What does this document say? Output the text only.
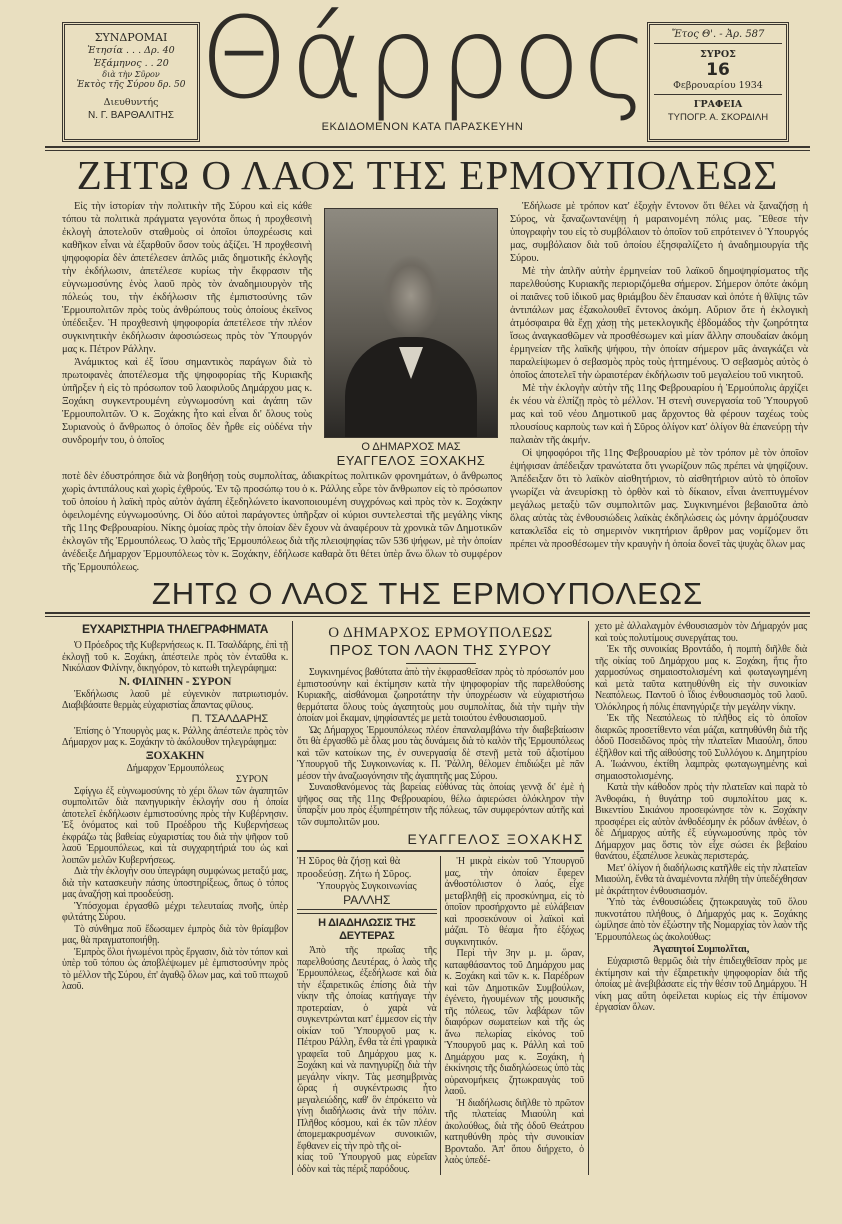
ΣΥΝΔΡΟΜΑΙ
Ἐτησία . . . Δρ. 40
Ἑξάμηνος . . 20
διὰ τὴν Σῦρον
Ἐκτὸς τῆς Σύρου δρ. 50
Διευθυντής
Ν. Γ. ΒΑΡΘΑΛΙΤΗΣ Θάρρος
ΕΚΔΙΔΟΜΕΝΟΝ ΚΑΤΑ ΠΑΡΑΣΚΕΥΗΝ
Ἔτος Θ'. - Ἀρ. 587
ΣΥΡΟΣ
16
Φεβρουαρίου 1934
ΓΡΑΦΕΙΑ
ΤΥΠΟΓΡ. Α. ΣΚΟΡΔΙΛΗ
ΖΗΤΩ Ο ΛΑΟΣ ΤΗΣ ΕΡΜΟΥΠΟΛΕΩΣ

Εἰς τὴν ἱστορίαν τὴν πολιτικὴν τῆς Σύρου καὶ εἰς κάθε τόπου τὰ πολιτικὰ πράγματα γεγονότα ὅπως ἡ προχθεσινὴ ἐκλογὴ ἀποτελοῦν σταθμοὺς οἱ ὁποῖοι ὑποχρέωσις καὶ καθῆκον εἶναι νὰ ἐξαρθοῦν ὅσον τοὺς ἀξίζει. Ἡ προχθεσινὴ ψηφοφορία δὲν ἀπετέλεσεν ἁπλῶς μιᾶς δημοτικῆς ἐκλογῆς τὴν ἐκδήλωσιν, ἀπετέλεσε κυρίως τὴν ἔκφρασιν τῆς εὐγνωμοσύνης ἑνὸς λαοῦ πρὸς τὸν ἀναδημιουργὸν τῆς πόλεώς του, τὴν ἐκδήλωσιν τῆς ἐμπιστοσύνης τῶν Ἑρμουπολιτῶν πρὸς τοὺς ἀνθρώπους τοὺς ὁποίους ἐκεῖνος ὑπέδειξεν. Ἡ προχθεσινὴ ψηφοφορία ἀπετέλεσε τὴν πλέον συγκινητικὴν ἐκδήλωσιν ἀφοσιώσεως πρὸς τὸν Ὑπουργόν μας κ. Πέτρον Ράλλην.

Ἀνάμικτος καὶ ἐξ ἴσου σημαντικὸς παράγων διὰ τὸ πρωτοφανὲς ἀποτέλεσμα τῆς ψηφοφορίας τῆς Κυριακῆς ὑπῆρξεν ἡ εἰς τὸ πρόσωπον τοῦ λαοφιλοῦς Δημάρχου μας κ. Ξοχάκη συγκεντρουμένη εὐγνωμοσύνη καὶ ἀγάπη τῶν Ἑρμουπολιτῶν. Ὁ κ. Ξοχάκης ἦτο καὶ εἶναι δι' ὅλους τοὺς Συριανοὺς ὁ ἄνθρωπος ὁ ὁποῖος δὲν ἦρθε εἰς οὐδένα τὴν συνδρομήν του, ὁ ὁποῖος

Ο ΔΗΜΑΡΧΟΣ ΜΑΣ
ΕΥΑΓΓΕΛΟΣ ΞΟΧΑΚΗΣ

ποτὲ δὲν ἐδυστρόπησε διὰ νὰ βοηθήσῃ τοὺς συμπολίτας, ἀδιακρίτως πολιτικῶν φρονημάτων, ὁ ἄνθρωπος χωρὶς ἀντιπάλους καὶ χωρὶς ἐχθρούς. Ἐν τῷ προσώπῳ του ὁ κ. Ράλλης εὗρε τὸν ἄνθρωπον εἰς τὸ πρόσωπον τοῦ ὁποίου ἡ λαϊκὴ πρὸς αὐτὸν ἀγάπη ἐξεδηλώνετο ἱκανοποιουμένη συγχρόνως καὶ πρὸς τὸν κ. Ξοχάκην ὀφειλομένης εὐγνωμοσύνης. Οἱ δύο αὐτοὶ παράγοντες ὑπῆρξαν οἱ κύριοι συντελεσταὶ τῆς μεγάλης νίκης τῆς 11ης Φεβρουαρίου. Νίκης ὁμοίας πρὸς τὴν ὁποίαν δὲν ἔχουν νὰ ἀναφέρουν τὰ χρονικὰ τῶν Δημοτικῶν ἐκλογῶν τῆς Ἑρμουπόλεως. Ὁ λαὸς τῆς Ἑρμουπόλεως διὰ τῆς πλειοψηφίας τῶν 536 ψήφων, μὲ τὴν ὁποίαν ἀνέδειξε Δήμαρχον Ἑρμουπόλεως τὸν κ. Ξοχάκην, ἐδήλωσε καθαρὰ ὅτι θέτει ὑπὲρ ἄνω ὅλων τὸ συμφέρον τῆς Ἑρμουπόλεως.

Ἐδήλωσε μὲ τρόπον κατ' ἐξοχὴν ἔντονον ὅτι θέλει νὰ ξαναζήσῃ ἡ Σύρος, νὰ ξαναζωντανέψῃ ἡ μαραινομένη πόλις μας. Ἔθεσε τὴν ὑπογραφὴν του εἰς τὸ συμβόλαιον τὸ ὁποῖον τοῦ επρότεινεν ὁ Ὑπουργός μας, συμβόλαιον διὰ τοῦ ὁποίου ἐξησφαλίζετο ἡ ἀναδημιουργία τῆς Σύρου.

Μὲ τὴν ἁπλῆν αὐτὴν ἑρμηνείαν τοῦ λαϊκοῦ δημοψηφίσματος τῆς παρελθούσης Κυριακῆς περιοριζόμεθα σήμερον. Σήμερον ὁπότε ἀκόμη οἱ παιᾶνες τοῦ ἰδικοῦ μας θριάμβου δὲν ἔπαυσαν καὶ ὁπότε ἡ θλῖψις τῶν ἀντιπάλων μας ἐξακολουθεῖ ἔντονος ἀκόμη. Αὔριον ὅτε ἡ ἐκλογικὴ ἀτμόσφαιρα θὰ ἔχῃ χάσῃ τὴς μετεκλογικῆς ἑβδομάδος τὴν ζωηρότητα ἴσως ἀναγκασθῶμεν νὰ προσθέσωμεν καὶ μίαν ἄλλην σπουδαίαν ἀκόμη ἑρμηνείαν τῆς λαϊκῆς ψήφου, τὴν ὁποίαν σήμερον μᾶς ἀναγκάζει νὰ παραλείψωμεν ὁ σεβασμὸς πρὸς τοὺς ἡττημένους. Ὁ σεβασμὸς αὐτὸς ὁ ὁποῖος ἀποτελεῖ τὴν ὡραιοτέραν ἐκδήλωσιν τοῦ μεγαλείου τοῦ νικητοῦ.

Μὲ τὴν ἐκλογὴν αὐτὴν τῆς 11ης Φεβρουαρίου ἡ Ἑρμούπολις ἀρχίζει ἐκ νέου νὰ ἐλπίζῃ πρὸς τὸ μέλλον. Ἡ στενὴ συνεργασία τοῦ Ὑπουργοῦ μας καὶ τοῦ νέου Δημοτικοῦ μας ἄρχοντος θὰ φέρουν ταχέως τοὺς πλουσίους καρποὺς των καὶ ἡ Σῦρος ὀλίγον κατ' ὀλίγον θὰ ἐπανεύρῃ τὴν παλαιὰν τῆς ἀκμήν.

Οἱ ψηφοφόροι τῆς 11ης Φεβρουαρίου μὲ τὸν τρόπον μὲ τὸν ὁποῖον ἐψήφισαν ἀπέδειξαν τρανώτατα ὅτι γνωρίζουν πῶς πρέπει νὰ ψηφίζουν. Ἀπέδειξαν ὅτι τὸ λαϊκὸν αἰσθητήριον, τὸ αἰσθητήριον αὐτὸ τὸ ὁποῖον γνωρίζει νὰ ἀνευρίσκῃ τὸ ὀρθὸν καὶ τὸ δίκαιον, εἶναι ἀνεπτυγμένον μεγάλως μεταξὺ τῶν συμπολιτῶν μας. Συγκινημένοι βεβαιοῦτα ἀπὸ ὅλας αὐτὰς τὰς ἐνθουσιώδεις λαϊκὰς ἐκδηλώσεις ὡς μόνην ἁρμόζουσαν κατακλεῖδα εἰς τὸ σημερινὸν νικητήριον ἄρθρον μας νομίζομεν ὅτι πρέπει νὰ προσθέσωμεν τὴν κραυγὴν ἡ ὁποία δονεῖ τὰς ψυχὰς ὅλων μας

ΖΗΤΩ Ο ΛΑΟΣ ΤΗΣ ΕΡΜΟΥΠΟΛΕΩΣ
ΕΥΧΑΡΙΣΤΗΡΙΑ ΤΗΛΕΓΡΑΦΗΜΑΤΑ

Ὁ Πρόεδρος τῆς Κυβερνήσεως κ. Π. Τσαλδάρης, ἐπὶ τῇ ἐκλογῇ τοῦ κ. Ξοχάκη, ἀπέστειλε πρὸς τὸν ἐνταῦθα κ. Νικόλαον Φιλίνην, δικηγόρον, τὸ κατωθι τηλεγράφημα:

Ν. ΦΙΛΙΝΗΝ - ΣΥΡΟΝ

Ἐκδήλωσις λαοῦ μὲ εὐγενικὸν πατριωτισμόν. Διαβιβάσατε θερμὰς εὐχαριστίας ἅπαντας φίλους.

Π. ΤΣΑΛΔΑΡΗΣ

Ἐπίσης ὁ Ὑπουργὸς μας κ. Ράλλης ἀπέστειλε πρὸς τὸν Δήμαρχον μας κ. Ξοχάκην τὸ ἀκόλουθον τηλεγράφημα:

ΞΟΧΑΚΗΝ
Δήμαρχον Ἑρμουπόλεως
ΣΥΡΟΝ

Σφίγγω ἐξ εὐγνωμοσύνης τὸ χέρι ὅλων τῶν ἀγαπητῶν συμπολιτῶν διὰ πανηγυρικὴν ἐκλογήν σου ἡ ὁποία ἀποτελεῖ ἐκδήλωσιν ἐμπιστοσύνης πρὸς τὴν Κυβέρνησιν. Ἐξ ὀνόματος καὶ τοῦ Προέδρου τῆς Κυβερνήσεως ἐκφράζω τὰς βαθείας εὐχαριστίας του διὰ τὴν ψῆφον τοῦ λαοῦ Ἑρμουπόλεως, καὶ τὰ συγχαρητήριά του ὡς καὶ λοιπῶν μελῶν Κυβερνήσεως.

Διὰ τὴν ἐκλογὴν σου ὑπεγράφη συμφώνως μεταξύ μας, διὰ τὴν κατασκευὴν πάσης ὑποστηρίξεως, ὅπως ὁ τόπος μας ἀναζήσῃ καὶ προοδεύσῃ.

Ὑπόσχομαι ἐργασθῶ μέχρι τελευταίας πνοῆς, ὑπὲρ φιλτάτης Σύρου.

Τὸ σύνθημα ποῦ ἔδωσαμεν ἐμπρὸς διὰ τὸν θρίαμβον μας, θὰ πραγματοποιήθῃ.

Ἐμπρὸς ὅλοι ἡνωμένοι πρὸς ἔργασιν, διὰ τὸν τόπον καὶ ὑπὲρ τοῦ τόπου ὡς ἀποβλέψωμεν μὲ ἐμπιστοσύνην πρὸς τὸ μέλλον τῆς Σύρου, ἐπ' ἀγαθῷ ὅλων μας, καὶ τοῦ πτωχοῦ λαοῦ.

Ο ΔΗΜΑΡΧΟΣ ΕΡΜΟΥΠΟΛΕΩΣ
ΠΡΟΣ ΤΟΝ ΛΑΟΝ ΤΗΣ ΣΥΡΟΥ

Συγκινημένος βαθύτατα ἀπὸ τὴν ἐκφρασθεῖσαν πρὸς τὸ πρόσωπόν μου ἐμπιστοσύνην καὶ ἐκτίμησιν κατὰ τὴν ψηφοφορίαν τῆς παρελθούσης Κυριακῆς, αἰσθάνομαι ζωηροτάτην τὴν ὑποχρέωσιν νὰ εὐχαριστήσω θερμότατα ὅλους τοὺς ἀγαπητοὺς μου συμπολίτας, διὰ τὴν τιμὴν τὴν ὁποίαν μοὶ ἔκαμαν, ψηφίσαντές με μετὰ τοιούτου ἐνθουσιασμοῦ.

Ὡς Δήμαρχος Ἑρμουπόλεως πλέον ἐπαναλαμβάνω τὴν διαβεβαίωσιν ὅτι θὰ ἐργασθῶ μὲ ὅλας μου τὰς δυνάμεις διὰ τὸ καλὸν τῆς Ἑρμουπόλεως καὶ τῶν κατοίκων της, ἐν συνεργασίᾳ δὲ στενῇ μετὰ τοῦ ἀξιοτίμου Ὑπουργοῦ τῆς Συγκοινωνίας κ. Π. Ῥάλλη, θέλομεν ἐπιδιώξει μὲ πᾶν μέσον τὴν ἀναζωογόνησιν τῆς ἀγαπητῆς μας Σύρου.

Συναισθανόμενος τὰς βαρείας εὐθύνας τὰς ὁποίας γεννᾷ δι' ἐμὲ ἡ ψῆφος σας τῆς 11ης Φεβρουαρίου, θέλω ἀφιερώσει ὁλόκληρον τὴν ὕπαρξίν μου πρὸς ἐξυπηρέτησιν τῆς πόλεως, τῶν συμφερόντων αὐτῆς καὶ τῶν συμπολιτῶν μου.

ΕΥΑΓΓΕΛΟΣ ΞΟΧΑΚΗΣ
Ἡ Σῦρος θὰ ζήσῃ καὶ θὰ προοδεύσῃ. Ζήτω ἡ Σῦρος.
Ὑπουργὸς Συγκοινωνίας
ΡΑΛΛΗΣ
Η ΔΙΑΔΗΛΩΣΙΣ ΤΗΣ ΔΕΥΤΕΡΑΣ

Ἀπὸ τῆς πρωΐας τῆς παρελθούσης Δευτέρας, ὁ λαὸς τῆς Ἑρμουπόλεως, ἐξεδήλωσε καὶ διὰ τὴν ἐξαιρετικῶς ἐπίσης διὰ τὴν νίκην τῆς ὁποίας κατήγαγε τὴν προτεραίαν, ὁ χαρὰ νὰ συγκεντρώνται κατ' ἐμμεσον εἰς τὴν οἰκίαν τοῦ Ὑπουργοῦ μας κ. Πέτρου Ράλλη, ἔνθα τὰ ἐπὶ γραφικὰ γραφεῖα τοῦ Δημάρχου μας κ. Ξοχάκη καὶ νὰ πανηγυρίζῃ διὰ τὴν μεγάλην νίκην. Τὰς μεσημβρινὰς ὥρας ἡ συγκέντρωσις ἦτο μεγαλειώδης, καθ' ὃν ἐπρόκειτο νὰ γίνῃ διαδήλωσις ἀνὰ τὴν πόλιν. Πλῆθος κόσμου, καὶ ἐκ τῶν πλέον ἀπομεμακρυσμένων συνοικιῶν, ἔφθανεν εἰς τὴν πρὸ τῆς οἰ-

κίας τοῦ Ὑπουργοῦ μας εὐρεῖαν ὁδὸν καὶ τὰς πέριξ παρόδους.

Ἡ μικρὰ εἰκὼν τοῦ Ὑπουργοῦ μας, τὴν ὁποίαν ἔφερεν ἀνθοστόλιστον ὁ λαός, εἶχε μεταβληθῇ εἰς προσκύνημα, εἰς τὸ ὁποῖον προσήρχοντο μὲ εὐλάβειαν καὶ προσεκύνουν οἱ λαϊκοὶ καὶ μάζαι. Τὸ θέαμα ἦτο ἐξόχως συγκινητικόν.

Περὶ τὴν 3ην μ. μ. ὥραν, καταφθάσαντος τοῦ Δημάρχου μας κ. Ξοχάκη καὶ τῶν κ. κ. Παρέδρων καὶ τῶν Δημοτικῶν Συμβούλων, ἐγένετο, ἡγουμένων τῆς μουσικῆς τῆς πόλεως, τῶν λαβάρων τῶν διαφόρων σωματείων καὶ τῆς ὡς ἄνω πελωρίας εἰκόνος τοῦ Ὑπουργοῦ μας κ. Ράλλη καὶ τοῦ Δημάρχου μας κ. Ξοχάκη, ἡ ἐκκίνησις τῆς διαδηλώσεως ὑπὸ τὰς οὐρανομήκεις ζητωκραυγὰς τοῦ λαοῦ.

Ἡ διαδήλωσις διῆλθε τὸ πρῶτον τῆς πλατείας Μιαούλη καὶ ἀκολούθως, διὰ τῆς ὁδοῦ Θεάτρου κατηυθύνθη πρὸς τὴν συνοικίαν Βρονταδο. Ἀπ' ὅπου διήρχετο, ὁ λαὸς ὑπεδέ-

χετο μὲ ἀλλαλαγμὸν ἐνθουσιασμὸν τὸν Δήμαρχόν μας καὶ τοὺς πολυτίμους συνεργάτας του.

Ἐκ τῆς συνοικίας Βροντάδο, ἡ πομπὴ διῆλθε διὰ τῆς οἰκίας τοῦ Δημάρχου μας κ. Ξοχάκη, ἥτις ἦτο χαρμοσύνως σημαιοστολισμένη καὶ φωταγωγημένη καὶ μετὰ ταῦτα κατηυθύνθη εἰς τὴν συνοικίαν Νεαπόλεως. Παντοῦ ὁ ἴδιος ἐνθουσιασμὸς τοῦ λαοῦ. Ὁλόκληρος ἡ πόλις ἐπανηγύριζε τὴν μεγάλην νίκην.

Ἐκ τῆς Νεαπόλεως τὸ πλῆθος εἰς τὸ ὁποῖον διαρκῶς προσετίθεντο νέαι μάζαι, κατηυθύνθη διὰ τῆς ὁδοῦ Ποσειδῶνος πρὸς τὴν πλατεῖαν Μιαούλη, ὅπου ἐξῆλθον καὶ τῆς αἰθούσης τοῦ Συλλόγου κ. Δημητρίου Α. Ἰωάννου, ἐκτίθη λαμπρὰς φωταγωγημένης καὶ σημαιοστολισμένης.

Κατὰ τὴν κάθοδον πρὸς τὴν πλατεῖαν καὶ παρὰ τὸ Ἀνθοφάκι, ἡ θυγάτηρ τοῦ συμπολίτου μας κ. Βικεντίου Σικιάνου προσεφώνησε τὸν κ. Ξοχάκην προσφέρει εἰς αὐτὸν ἀνθοδέσμην ἐκ ρόδων ἀνθέων, ὁ δὲ Δήμαρχος αὐτῆς ἐξ εὐγνωμοσύνης πρὸς τὸν Δήμαρχον μας ὅστις τὸν εἶχε σώσει ἐκ βεβαίου θανάτου, ἐξαπέλυσε λευκὰς περιστεράς.

Μετ' ὀλίγον ἡ διαδήλωσις κατῆλθε εἰς τὴν πλατεῖαν Μιαούλη, ἔνθα τὰ ἀναμένοντα πλήθη τὴν ὑπεδέχθησαν μὲ ἀκράτητον ἐνθουσιασμόν.

Ὑπὸ τὰς ἐνθουσιώδεις ζητωκραυγὰς τοῦ ὄλου πυκνοτάτου πλήθους, ὁ Δήμαρχός μας κ. Ξοχάκης ὡμίλησε ἀπὸ τὸν ἐξώστην τῆς Νομαρχίας τὸν λαὸν τῆς Ἑρμουπόλεως ὡς ἀκολούθως:

Ἀγαπητοί Συμπολῖται,

Εὐχαριστῶ θερμῶς διὰ τὴν ἐπιδειχθεῖσαν πρὸς με ἐκτίμησιν καὶ τὴν ἐξαιρετικὴν ψηφοφορίαν διὰ τῆς ὁποίας μὲ ἀνεβιβάσατε εἰς τὴν θέσιν τοῦ Δημάρχου. Ἡ νίκη μας αὕτη ὀφείλεται κυρίως εἰς τὴν ἐπίμονον ἐργασίαν ὅλων.
